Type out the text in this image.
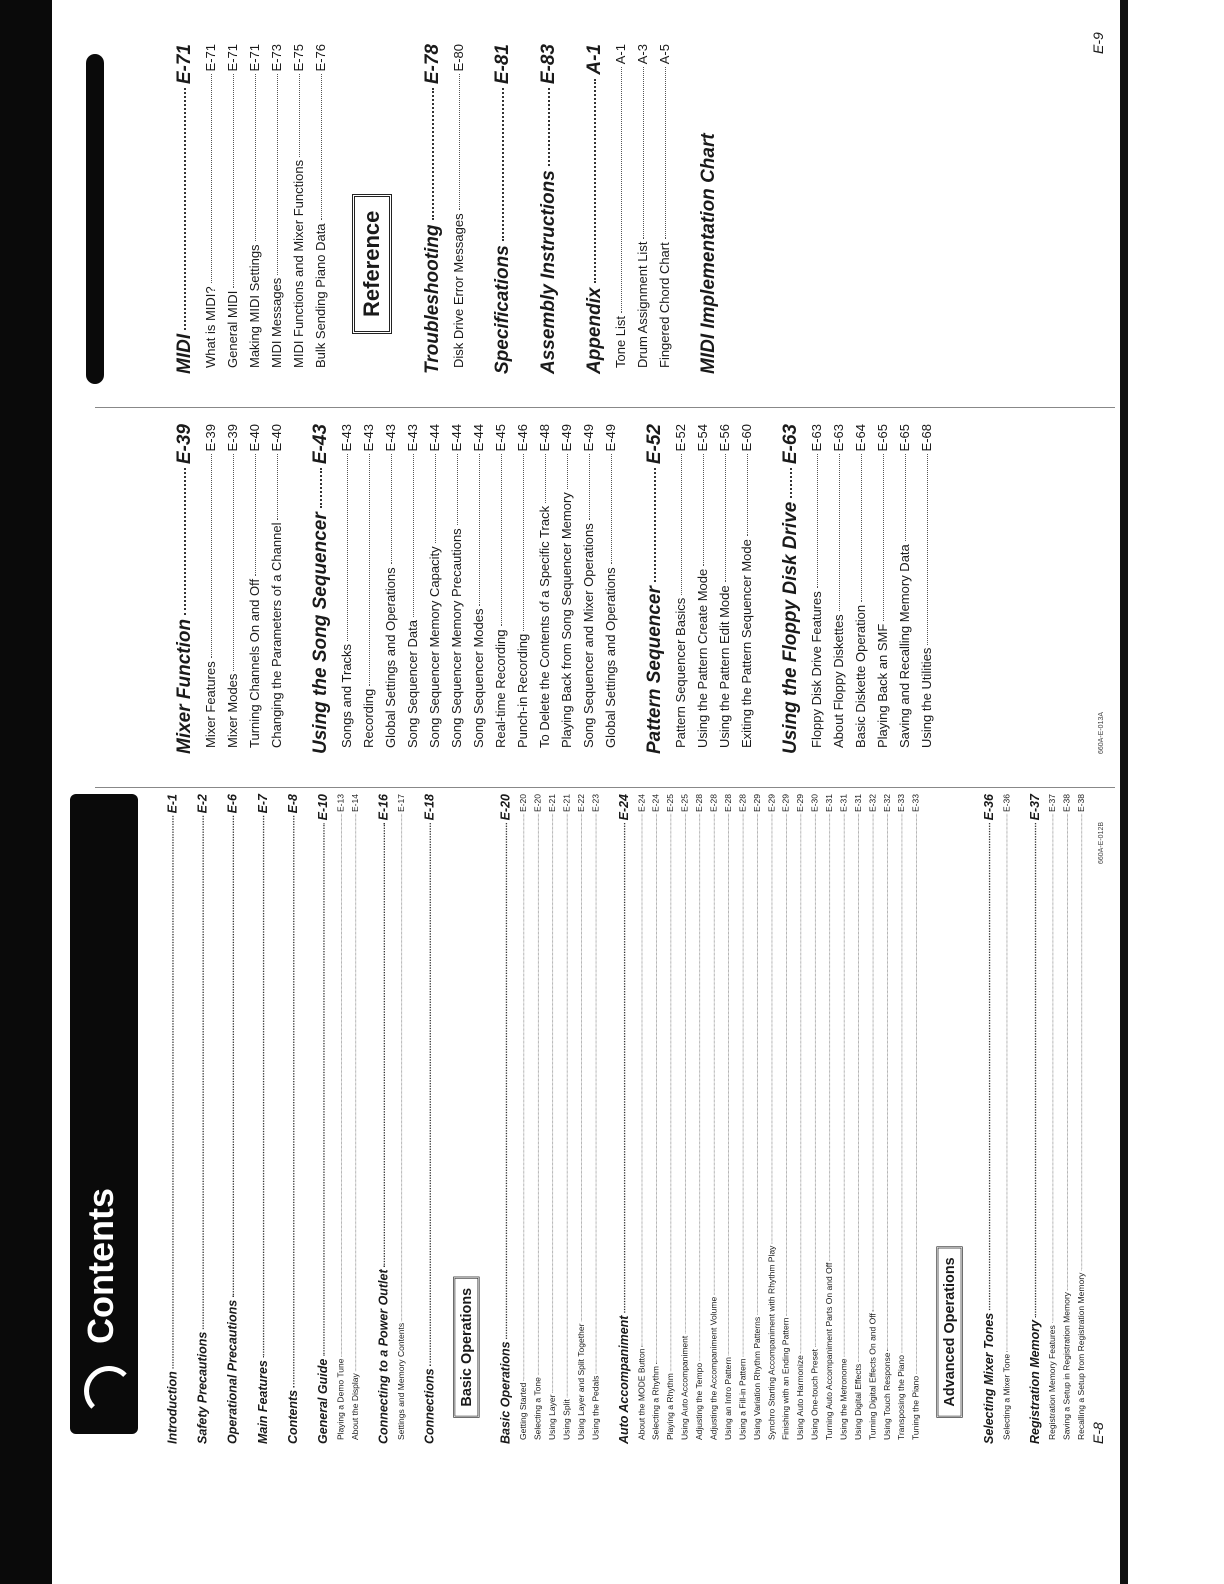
Contents
Introduction
E-1
Safety Precautions
E-2
Operational Precautions
E-6
Main Features
E-7
Contents
E-8
General Guide
E-10
Playing a Demo Tune
E-13
About the Display
E-14
Connecting to a Power Outlet
E-16
Settings and Memory Contents
E-17
Connections
E-18
Basic Operations Basic Operations
E-20
Getting Started
E-20
Selecting a Tone
E-20
Using Layer
E-21
Using Split
E-21
Using Layer and Split Together
E-22
Using the Pedals
E-23
Auto Accompaniment
E-24
About the MODE Button
E-24
Selecting a Rhythm
E-24
Playing a Rhythm
E-25
Using Auto Accompaniment
E-25
Adjusting the Tempo
E-28
Adjusting the Accompaniment Volume
E-28
Using an Intro Pattern
E-28
Using a Fill-in Pattern
E-28
Using Variation Rhythm Patterns
E-29
Synchro Starting Accompaniment with Rhythm Play
E-29
Finishing with an Ending Pattern
E-29
Using Auto Harmonize
E-29
Using One-touch Preset
E-30
Turning Auto Accompaniment Parts On and Off
E-31
Using the Metronome
E-31
Using Digital Effects
E-31
Turning Digital Effects On and Off
E-32
Using Touch Response
E-32
Transposing the Piano
E-33
Tuning the Piano
E-33
Advanced Operations Selecting Mixer Tones
E-36
Selecting a Mixer Tone
E-36
Registration Memory
E-37
Registration Memory Features
E-37
Saving a Setup in Registration Memory
E-38
Recalling a Setup from Registration Memory
E-38
Mixer Function
E-39
Mixer Features
E-39
Mixer Modes
E-39
Turning Channels On and Off
E-40
Changing the Parameters of a Channel
E-40
Using the Song Sequencer
E-43
Songs and Tracks
E-43
Recording
E-43
Global Settings and Operations
E-43
Song Sequencer Data
E-43
Song Sequencer Memory Capacity
E-44
Song Sequencer Memory Precautions
E-44
Song Sequencer Modes
E-44
Real-time Recording
E-45
Punch-in Recording
E-46
To Delete the Contents of a Specific Track
E-48
Playing Back from Song Sequencer Memory
E-49
Song Sequencer and Mixer Operations
E-49
Global Settings and Operations
E-49
Pattern Sequencer
E-52
Pattern Sequencer Basics
E-52
Using the Pattern Create Mode
E-54
Using the Pattern Edit Mode
E-56
Exiting the Pattern Sequencer Mode
E-60
Using the Floppy Disk Drive
E-63
Floppy Disk Drive Features
E-63
About Floppy Diskettes
E-63
Basic Diskette Operation
E-64
Playing Back an SMF
E-65
Saving and Recalling Memory Data
E-65
Using the Utilities
E-68
MIDI
E-71
What is MIDI?
E-71
General MIDI
E-71
Making MIDI Settings
E-71
MIDI Messages
E-73
MIDI Functions and Mixer Functions
E-75
Bulk Sending Piano Data
E-76
Reference Troubleshooting
E-78
Disk Drive Error Messages
E-80
Specifications
E-81
Assembly Instructions
E-83
Appendix
A-1
Tone List
A-1
Drum Assignment List
A-3
Fingered Chord Chart
A-5
MIDI Implementation Chart
E-8
E-9
660A-E-012B
660A-E-013A
